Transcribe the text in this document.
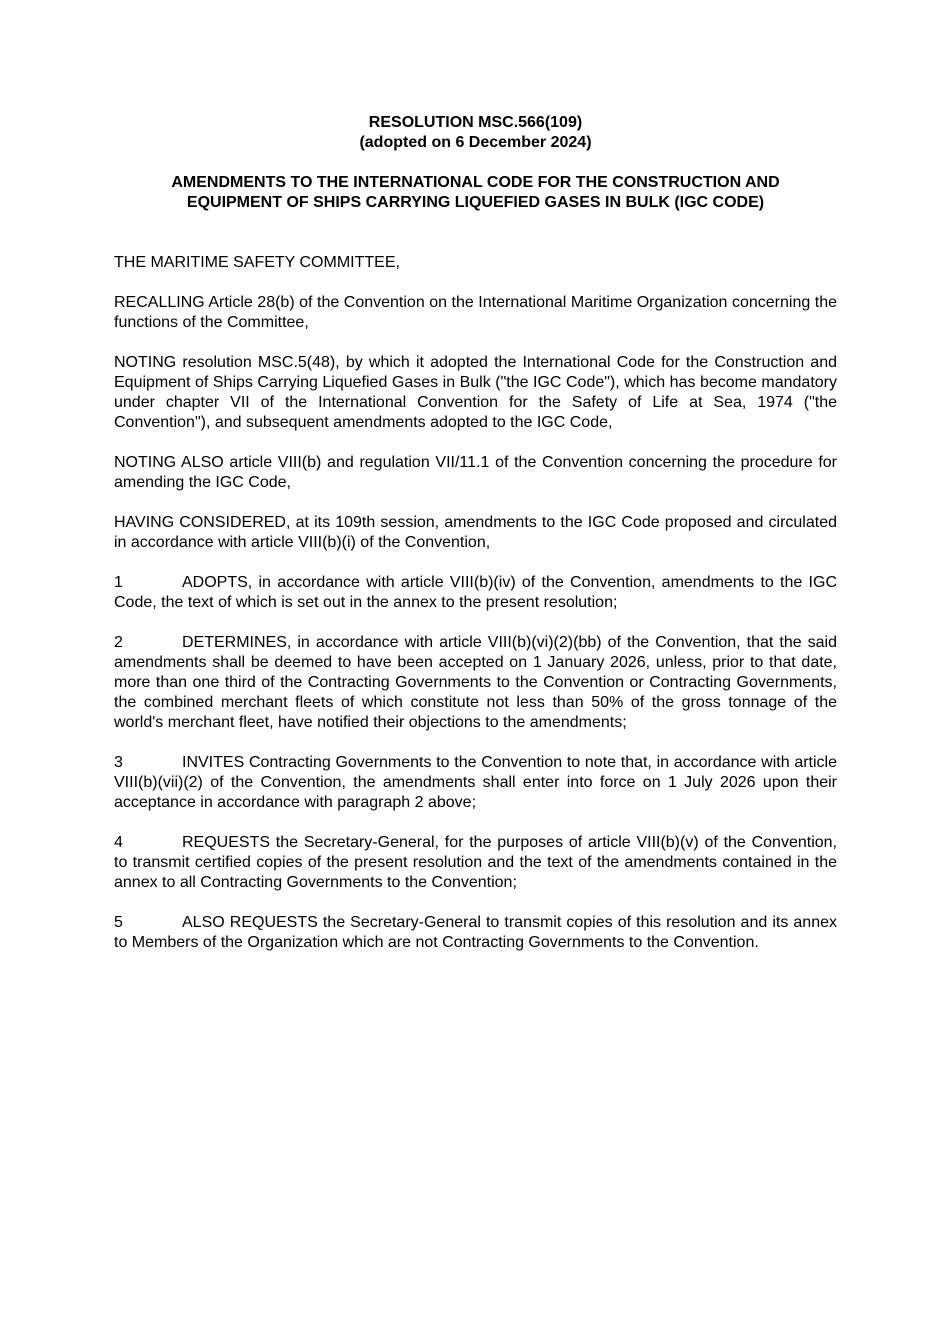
RESOLUTION MSC.566(109)

(adopted on 6 December 2024)

AMENDMENTS TO THE INTERNATIONAL CODE FOR THE CONSTRUCTION AND

EQUIPMENT OF SHIPS CARRYING LIQUEFIED GASES IN BULK (IGC CODE)

THE MARITIME SAFETY COMMITTEE,

RECALLING Article 28(b) of the Convention on the International Maritime Organization concerning the functions of the Committee,

NOTING resolution MSC.5(48), by which it adopted the International Code for the Construction and Equipment of Ships Carrying Liquefied Gases in Bulk ("the IGC Code"), which has become mandatory under chapter VII of the International Convention for the Safety of Life at Sea, 1974 ("the Convention"), and subsequent amendments adopted to the IGC Code,

NOTING ALSO article VIII(b) and regulation VII/11.1 of the Convention concerning the procedure for amending the IGC Code,

HAVING CONSIDERED, at its 109th session, amendments to the IGC Code proposed and circulated in accordance with article VIII(b)(i) of the Convention,

1	ADOPTS, in accordance with article VIII(b)(iv) of the Convention, amendments to the IGC Code, the text of which is set out in the annex to the present resolution;

2	DETERMINES, in accordance with article VIII(b)(vi)(2)(bb) of the Convention, that the said amendments shall be deemed to have been accepted on 1 January 2026, unless, prior to that date, more than one third of the Contracting Governments to the Convention or Contracting Governments, the combined merchant fleets of which constitute not less than 50% of the gross tonnage of the world's merchant fleet, have notified their objections to the amendments;

3	INVITES Contracting Governments to the Convention to note that, in accordance with article VIII(b)(vii)(2) of the Convention, the amendments shall enter into force on 1 July 2026 upon their acceptance in accordance with paragraph 2 above;

4	REQUESTS the Secretary-General, for the purposes of article VIII(b)(v) of the Convention, to transmit certified copies of the present resolution and the text of the amendments contained in the annex to all Contracting Governments to the Convention;

5	ALSO REQUESTS the Secretary-General to transmit copies of this resolution and its annex to Members of the Organization which are not Contracting Governments to the Convention.
